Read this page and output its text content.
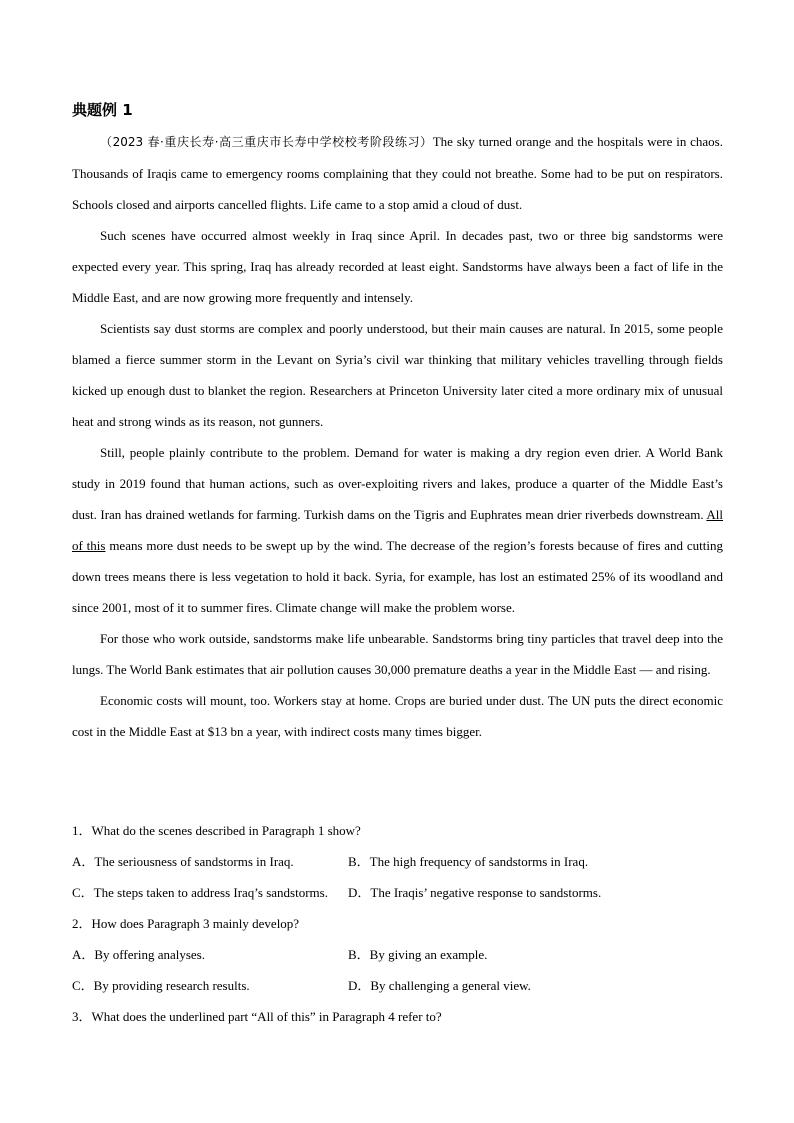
典题例 1

（2023 春·重庆长寿·高三重庆市长寿中学校校考阶段练习）The sky turned orange and the hospitals were in chaos. Thousands of Iraqis came to emergency rooms complaining that they could not breathe. Some had to be put on respirators. Schools closed and airports cancelled flights. Life came to a stop amid a cloud of dust.

Such scenes have occurred almost weekly in Iraq since April. In decades past, two or three big sandstorms were expected every year. This spring, Iraq has already recorded at least eight. Sandstorms have always been a fact of life in the Middle East, and are now growing more frequently and intensely.

Scientists say dust storms are complex and poorly understood, but their main causes are natural. In 2015, some people blamed a fierce summer storm in the Levant on Syria’s civil war thinking that military vehicles travelling through fields kicked up enough dust to blanket the region. Researchers at Princeton University later cited a more ordinary mix of unusual heat and strong winds as its reason, not gunners.

Still, people plainly contribute to the problem. Demand for water is making a dry region even drier. A World Bank study in 2019 found that human actions, such as over-exploiting rivers and lakes, produce a quarter of the Middle East’s dust. Iran has drained wetlands for farming. Turkish dams on the Tigris and Euphrates mean drier riverbeds downstream. All of this means more dust needs to be swept up by the wind. The decrease of the region’s forests because of fires and cutting down trees means there is less vegetation to hold it back. Syria, for example, has lost an estimated 25% of its woodland and since 2001, most of it to summer fires. Climate change will make the problem worse.

For those who work outside, sandstorms make life unbearable. Sandstorms bring tiny particles that travel deep into the lungs. The World Bank estimates that air pollution causes 30,000 premature deaths a year in the Middle East — and rising.

Economic costs will mount, too. Workers stay at home. Crops are buried under dust. The UN puts the direct economic cost in the Middle East at $13 bn a year, with indirect costs many times bigger.

1．What do the scenes described in Paragraph 1 show?
A．The seriousness of sandstorms in Iraq.	B．The high frequency of sandstorms in Iraq.
C．The steps taken to address Iraq’s sandstorms. D．The Iraqis’ negative response to sandstorms.
2．How does Paragraph 3 mainly develop?
A．By offering analyses.	B．By giving an example.
C．By providing research results.	D．By challenging a general view.
3．What does the underlined part “All of this” in Paragraph 4 refer to?
